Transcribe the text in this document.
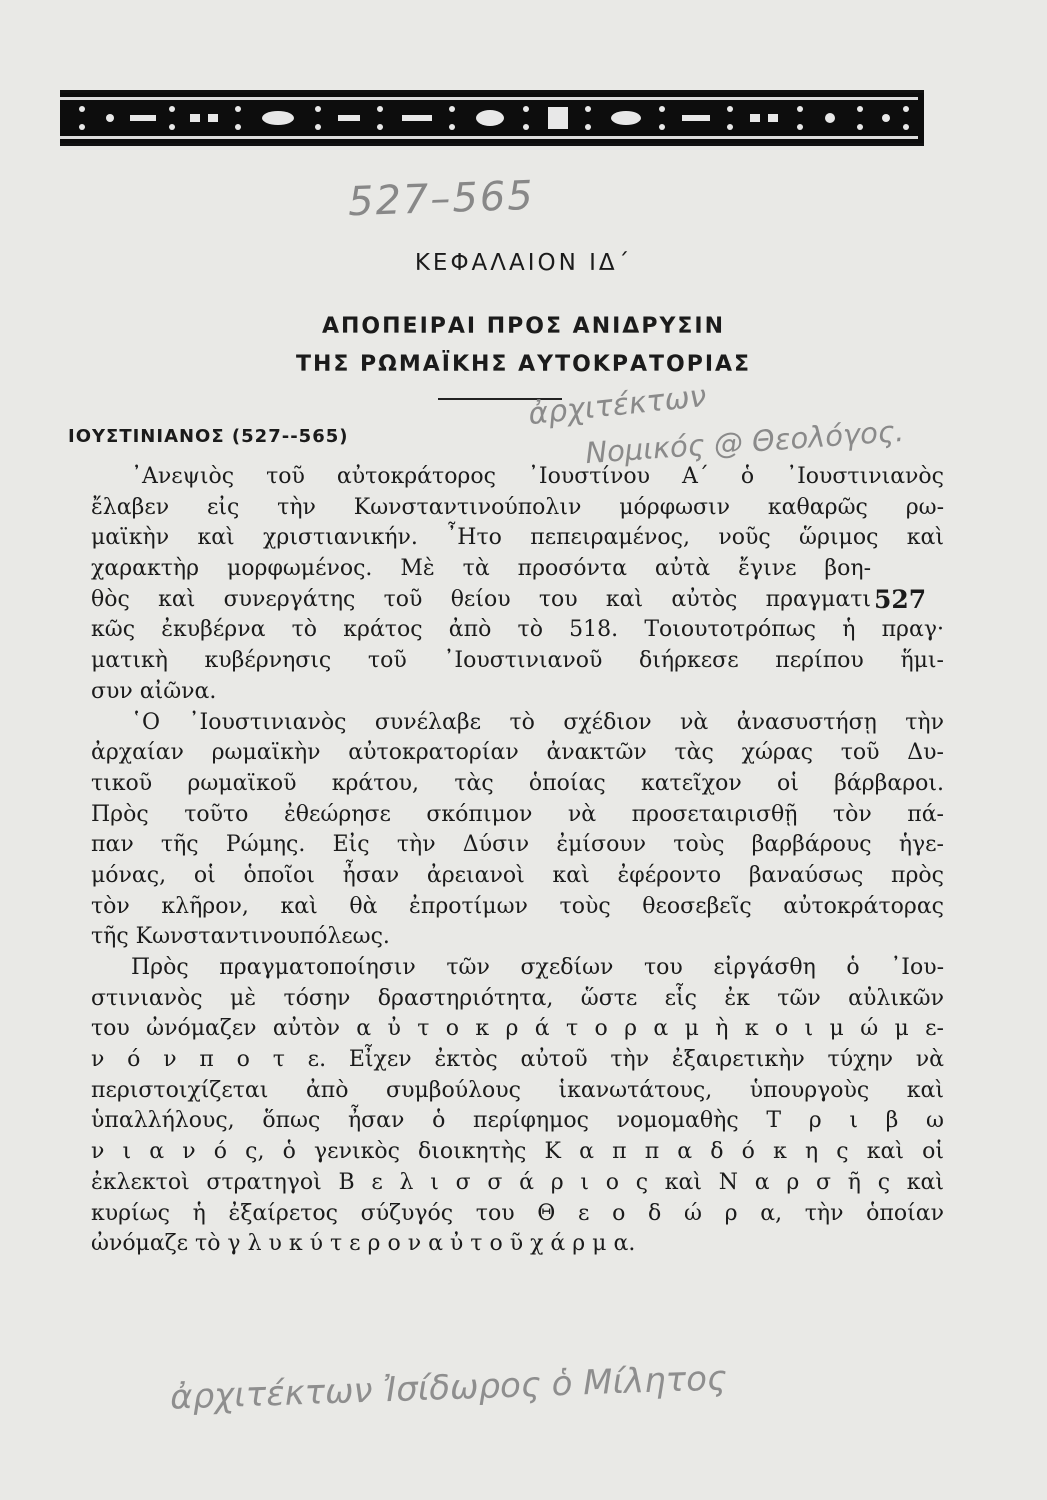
527–565
ΚΕΦΑΛΑΙΟΝ ΙΔ΄
ΑΠΟΠΕΙΡΑΙ ΠΡΟΣ ΑΝΙΔΡΥΣΙΝ
ΤΗΣ ΡΩΜΑΪΚΗΣ ΑΥΤΟΚΡΑΤΟΡΙΑΣ
ἀρχιτέκτων
Νομικός @ Θεολόγος.
ΙΟΥΣΤΙΝΙΑΝΟΣ (527--565)
527
᾿Ανεψιὸς τοῦ αὐτοκράτορος ᾿Ιουστίνου Α΄ ὁ ᾿Ιουστινιανὸς
ἔλαβεν εἰς τὴν Κωνσταντινούπολιν μόρφωσιν καθαρῶς ρω-
μαϊκὴν καὶ χριστιανικήν. ῏Ητο πεπειραμένος, νοῦς ὥριμος καὶ
χαρακτὴρ μορφωμένος. Μὲ τὰ προσόντα αὐτὰ ἔγινε βοη-
θὸς καὶ συνεργάτης τοῦ θείου του καὶ αὐτὸς πραγματι
κῶς ἐκυβέρνα τὸ κράτος ἀπὸ τὸ 518. Τοιουτοτρόπως ἡ πραγ·
ματικὴ κυβέρνησις τοῦ ᾿Ιουστινιανοῦ διήρκεσε περίπου ἥμι-
συν αἰῶνα.
῾Ο ᾿Ιουστινιανὸς συνέλαβε τὸ σχέδιον νὰ ἀνασυστήσῃ τὴν
ἀρχαίαν ρωμαϊκὴν αὐτοκρατορίαν ἀνακτῶν τὰς χώρας τοῦ Δυ-
τικοῦ ρωμαϊκοῦ κράτου, τὰς ὁποίας κατεῖχον οἱ βάρβαροι.
Πρὸς τοῦτο ἐθεώρησε σκόπιμον νὰ προσεταιρισθῇ τὸν πά-
παν τῆς Ρώμης. Εἰς τὴν Δύσιν ἐμίσουν τοὺς βαρβάρους ἡγε-
μόνας, οἱ ὁποῖοι ἦσαν ἀρειανοὶ καὶ ἐφέροντο βαναύσως πρὸς
τὸν κλῆρον, καὶ θὰ ἐπροτίμων τοὺς θεοσεβεῖς αὐτοκράτορας
τῆς Κωνσταντινουπόλεως.
Πρὸς πραγματοποίησιν τῶν σχεδίων του εἰργάσθη ὁ ᾿Ιου-
στινιανὸς μὲ τόσην δραστηριότητα, ὥστε εἷς ἐκ τῶν αὐλικῶν
του ὠνόμαζεν αὐτὸν α ὐ τ ο κ ρ ά τ ο ρ α μ ὴ κ ο ι μ ώ μ ε-
ν ό ν π ο τ ε. Εἶχεν ἐκτὸς αὐτοῦ τὴν ἐξαιρετικὴν τύχην νὰ
περιστοιχίζεται ἀπὸ συμβούλους ἱκανωτάτους, ὑπουργοὺς καὶ
ὑπαλλήλους, ὅπως ἦσαν ὁ περίφημος νομομαθὴς Τ ρ ι β ω
ν ι α ν ό ς, ὁ γενικὸς διοικητὴς Κ α π π α δ ό κ η ς καὶ οἱ
ἐκλεκτοὶ στρατηγοὶ Β ε λ ι σ σ ά ρ ι ο ς καὶ Ν α ρ σ ῆ ς καὶ
κυρίως ἡ ἐξαίρετος σύζυγός του Θ ε ο δ ώ ρ α, τὴν ὁποίαν
ὠνόμαζε τὸ γ λ υ κ ύ τ ε ρ ο ν α ὐ τ ο ῦ χ ά ρ μ α.
ἀρχιτέκτων Ἰσίδωρος ὁ Μίλητος
